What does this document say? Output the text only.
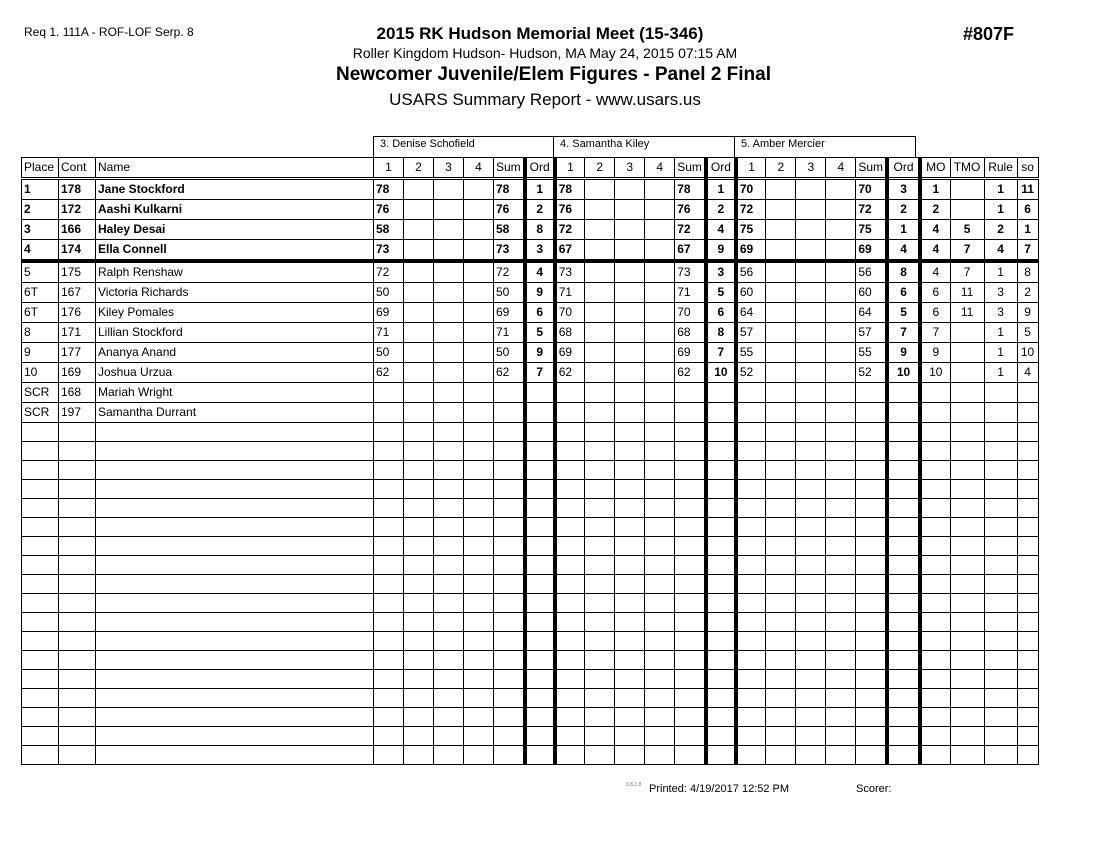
Req 1. 111A - ROF-LOF Serp. 8	2015 RK Hudson Memorial Meet (15-346)
Roller Kingdom Hudson- Hudson, MA May 24, 2015 07:15 AM
Newcomer Juvenile/Elem Figures - Panel 2 Final
USARS Summary Report - www.usars.us
#807F
3. Denise Schofield	4. Samantha Kiley	5. Amber Mercier
Place	Cont	Name	1	2	3	4	Sum	Ord	1	2	3	4	Sum	Ord	1	2	3	4	Sum	Ord	MO	TMO	Rule	so
1	178	Jane Stockford	78				78	1	78				78	1	70				70	3	1		1	11
2	172	Aashi Kulkarni	76				76	2	76				76	2	72				72	2	2		1	6
3	166	Haley Desai	58				58	8	72				72	4	75				75	1	4	5	2	1
4	174	Ella Connell	73				73	3	67				67	9	69				69	4	4	7	4	7
5	175	Ralph Renshaw	72				72	4	73				73	3	56				56	8	4	7	1	8
6T	167	Victoria Richards	50				50	9	71				71	5	60				60	6	6	11	3	2
6T	176	Kiley Pomales	69				69	6	70				70	6	64				64	5	6	11	3	9
8	171	Lillian Stockford	71				71	5	68				68	8	57				57	7	7		1	5
9	177	Ananya Anand	50				50	9	69				69	7	55				55	9	9		1	10
10	169	Joshua Urzua	62				62	7	62				62	10	52				52	10	10		1	4
SCR	168	Mariah Wright																						
SCR	197	Samantha Durrant																						

3.8.1.8 Printed: 4/19/2017 12:52 PM	Scorer:
